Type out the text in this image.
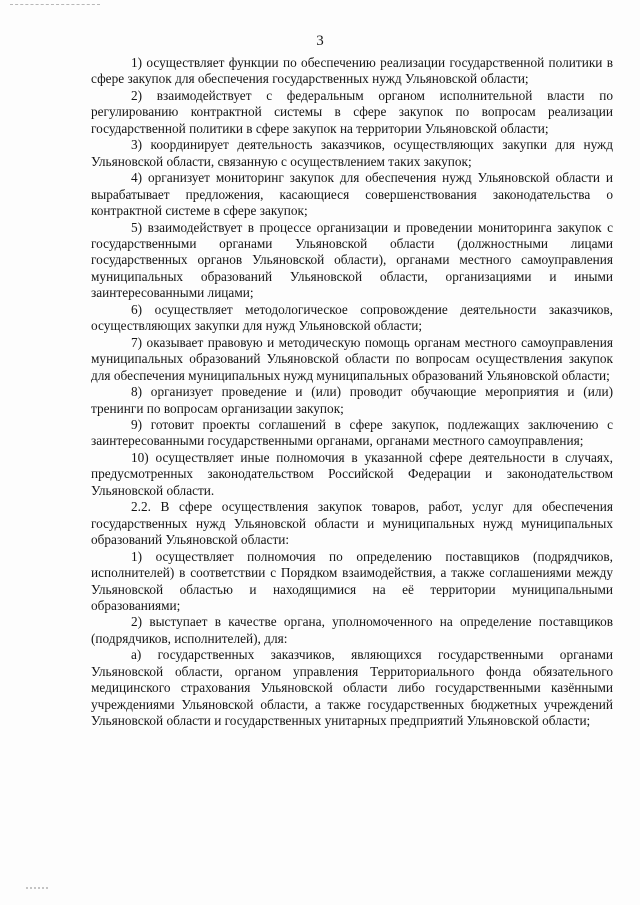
3

1) осуществляет функции по обеспечению реализации государственной политики в сфере закупок для обеспечения государственных нужд Ульяновской области;

2) взаимодействует с федеральным органом исполнительной власти по регулированию контрактной системы в сфере закупок по вопросам реализации государственной политики в сфере закупок на территории Ульяновской области;

3) координирует деятельность заказчиков, осуществляющих закупки для нужд Ульяновской области, связанную с осуществлением таких закупок;

4) организует мониторинг закупок для обеспечения нужд Ульяновской области и вырабатывает предложения, касающиеся совершенствования законодательства о контрактной системе в сфере закупок;

5) взаимодействует в процессе организации и проведении мониторинга закупок с государственными органами Ульяновской области (должностными лицами государственных органов Ульяновской области), органами местного самоуправления муниципальных образований Ульяновской области, организациями и иными заинтересованными лицами;

6) осуществляет методологическое сопровождение деятельности заказчиков, осуществляющих закупки для нужд Ульяновской области;

7) оказывает правовую и методическую помощь органам местного самоуправления муниципальных образований Ульяновской области по вопросам осуществления закупок для обеспечения муниципальных нужд муниципальных образований Ульяновской области;

8) организует проведение и (или) проводит обучающие мероприятия и (или) тренинги по вопросам организации закупок;

9) готовит проекты соглашений в сфере закупок, подлежащих заключению с заинтересованными государственными органами, органами местного самоуправления;

10) осуществляет иные полномочия в указанной сфере деятельности в случаях, предусмотренных законодательством Российской Федерации и законодательством Ульяновской области.

2.2. В сфере осуществления закупок товаров, работ, услуг для обеспечения государственных нужд Ульяновской области и муниципальных нужд муниципальных образований Ульяновской области:

1) осуществляет полномочия по определению поставщиков (подрядчиков, исполнителей) в соответствии с Порядком взаимодействия, а также соглашениями между Ульяновской областью и находящимися на её территории муниципальными образованиями;

2) выступает в качестве органа, уполномоченного на определение поставщиков (подрядчиков, исполнителей), для:

а) государственных заказчиков, являющихся государственными органами Ульяновской области, органом управления Территориального фонда обязательного медицинского страхования Ульяновской области либо государственными казёнными учреждениями Ульяновской области, а также государственных бюджетных учреждений Ульяновской области и государственных унитарных предприятий Ульяновской области;
